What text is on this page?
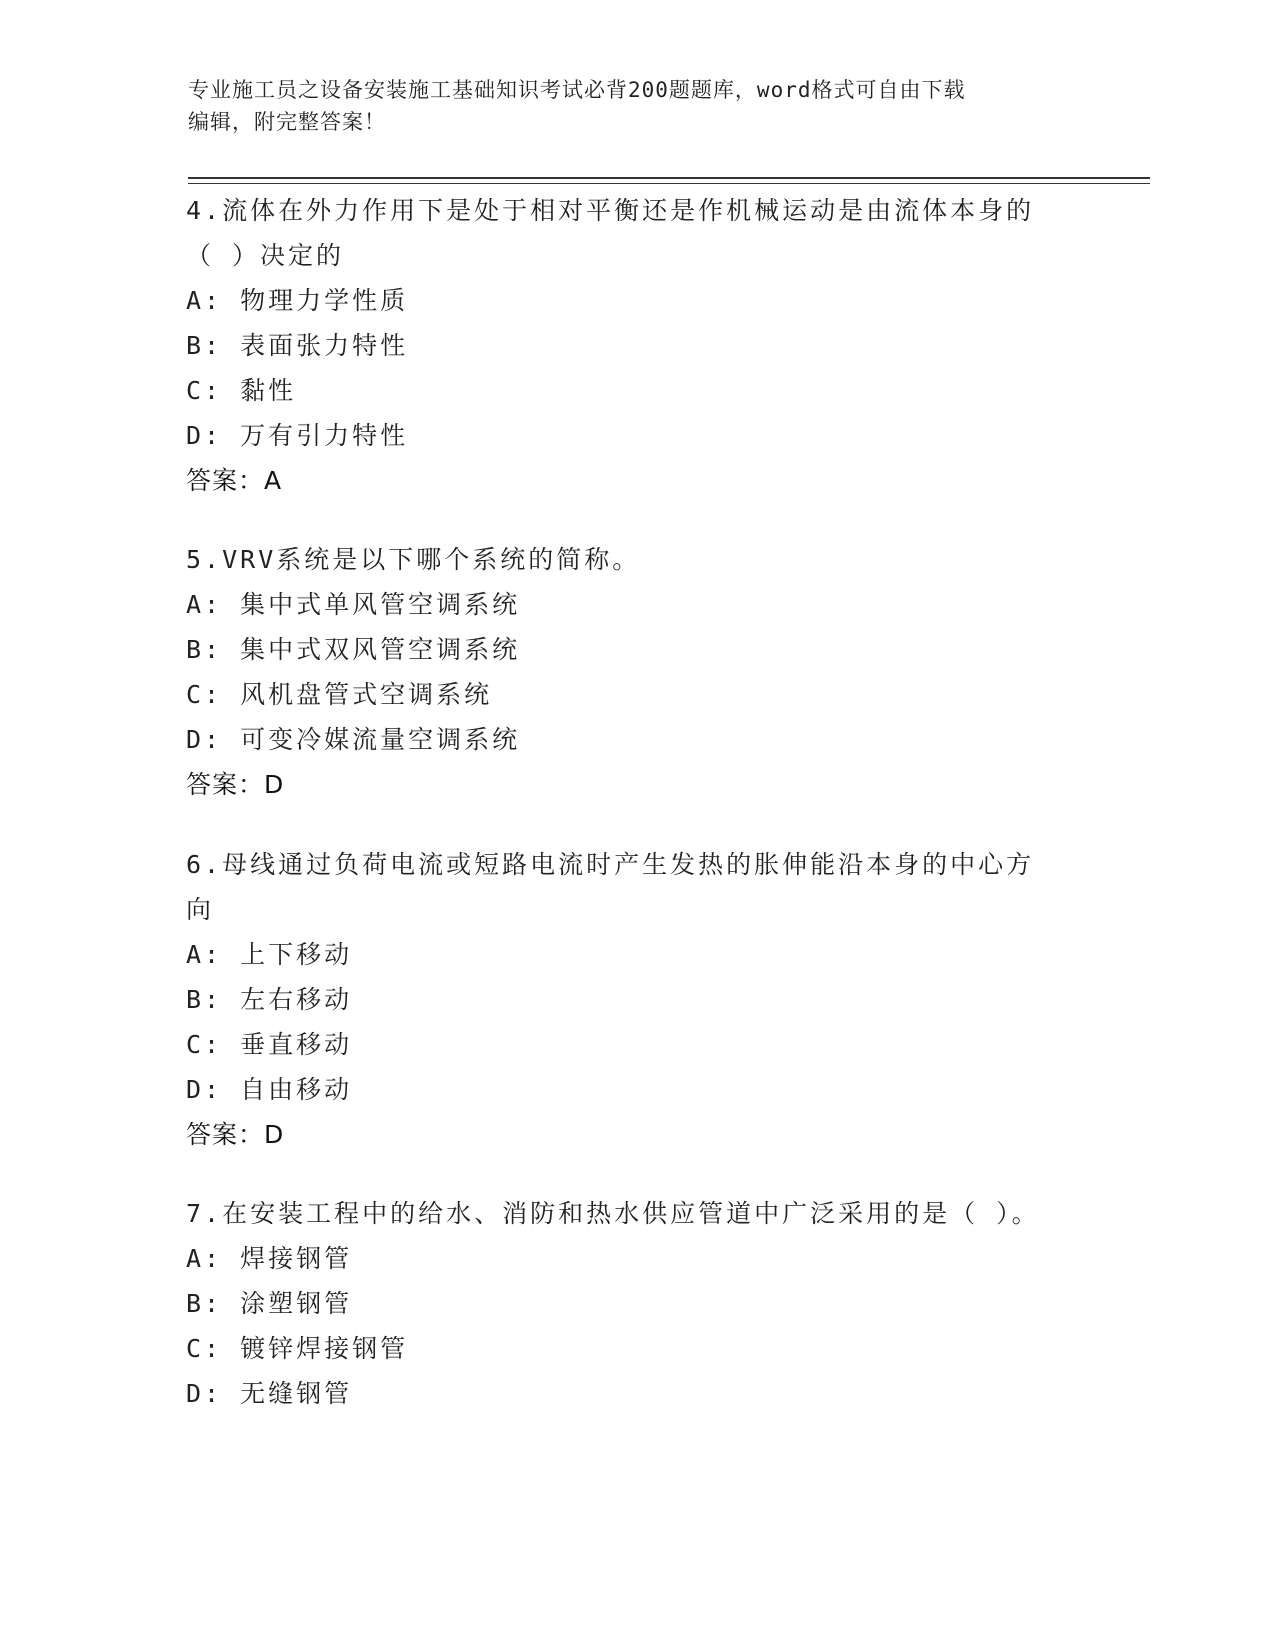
专业施工员之设备安装施工基础知识考试必背200题题库，word格式可自由下载
编辑，附完整答案！
4.流体在外力作用下是处于相对平衡还是作机械运动是由流体本身的
（ ）决定的
A: 物理力学性质
B: 表面张力特性
C: 黏性
D: 万有引力特性
答案：A
5.VRV系统是以下哪个系统的简称。
A: 集中式单风管空调系统
B: 集中式双风管空调系统
C: 风机盘管式空调系统
D: 可变冷媒流量空调系统
答案：D
6.母线通过负荷电流或短路电流时产生发热的胀伸能沿本身的中心方
向
A: 上下移动
B: 左右移动
C: 垂直移动
D: 自由移动
答案：D
7.在安装工程中的给水、消防和热水供应管道中广泛采用的是（ ）。
A: 焊接钢管
B: 涂塑钢管
C: 镀锌焊接钢管
D: 无缝钢管
